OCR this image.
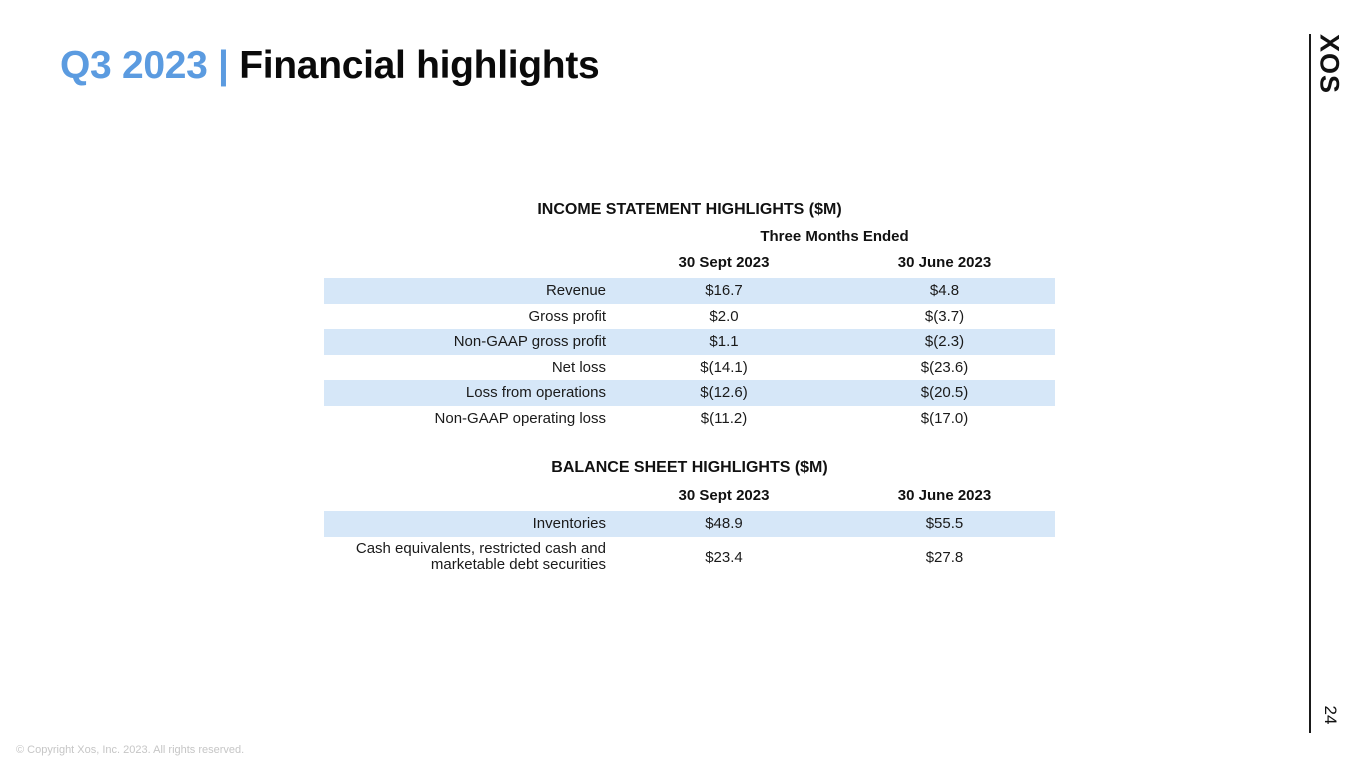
Q3 2023 | Financial highlights	XOS
24
INCOME STATEMENT HIGHLIGHTS ($M)
Three Months Ended
30 Sept 2023	30 June 2023
Revenue	$16.7	$4.8
Gross profit	$2.0	$(3.7)
Non-GAAP gross profit	$1.1	$(2.3)
Net loss	$(14.1)	$(23.6)
Loss from operations	$(12.6)	$(20.5)
Non-GAAP operating loss	$(11.2)	$(17.0)
BALANCE SHEET HIGHLIGHTS ($M)
30 Sept 2023	30 June 2023
Inventories	$48.9	$55.5
Cash equivalents, restricted cash and marketable debt securities	$23.4	$27.8
© Copyright Xos, Inc. 2023. All rights reserved.
